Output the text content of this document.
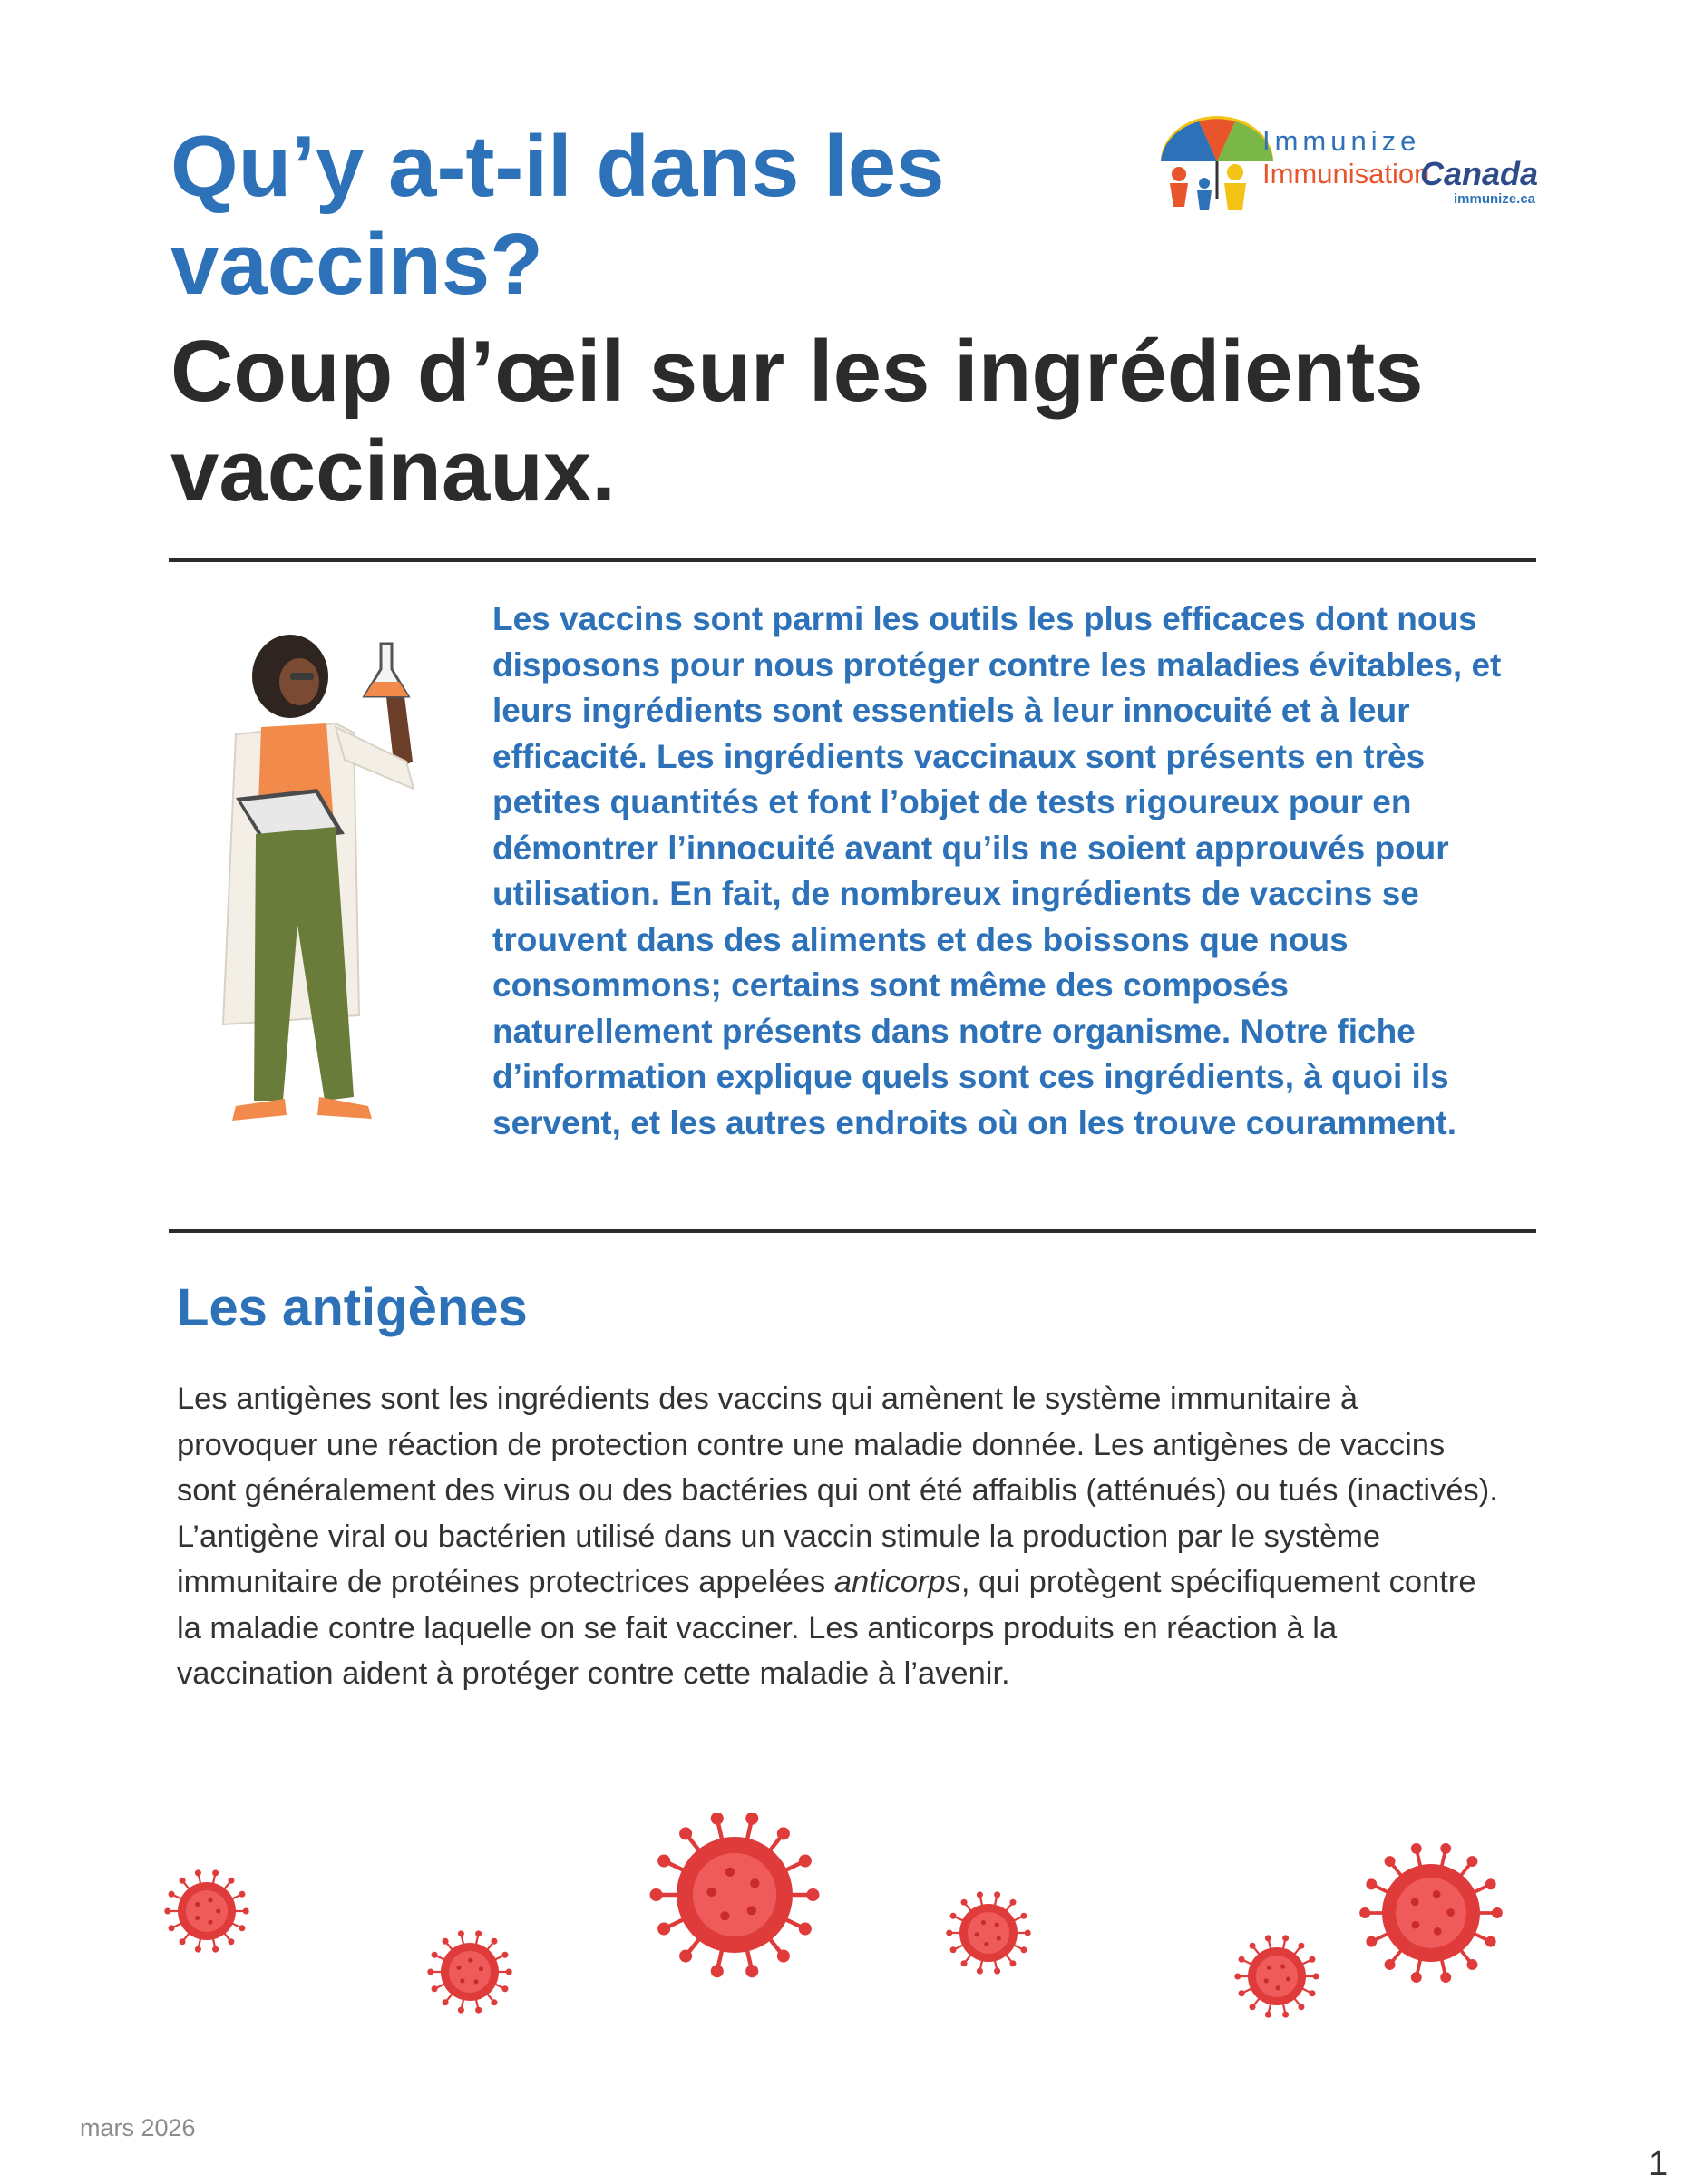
Qu’y a-t-il dans les vaccins?
Coup d’œil sur les ingrédients vaccinaux.
Immunize
Immunisation
Canada
immunize.ca

Les vaccins sont parmi les outils les plus efficaces dont nous disposons pour nous protéger contre les maladies évitables, et leurs ingrédients sont essentiels à leur innocuité et à leur efficacité. Les ingrédients vaccinaux sont présents en très petites quantités et font l’objet de tests rigoureux pour en démontrer l’innocuité avant qu’ils ne soient approuvés pour utilisation. En fait, de nombreux ingrédients de vaccins se trouvent dans des aliments et des boissons que nous consommons; certains sont même des composés naturellement présents dans notre organisme. Notre fiche d’information explique quels sont ces ingrédients, à quoi ils servent, et les autres endroits où on les trouve couramment.

Les antigènes

Les antigènes sont les ingrédients des vaccins qui amènent le système immunitaire à provoquer une réaction de protection contre une maladie donnée. Les antigènes de vaccins sont généralement des virus ou des bactéries qui ont été affaiblis (atténués) ou tués (inactivés). L’antigène viral ou bactérien utilisé dans un vaccin stimule la production par le système immunitaire de protéines protectrices appelées anticorps, qui protègent spécifiquement contre la maladie contre laquelle on se fait vacciner. Les anticorps produits en réaction à la vaccination aident à protéger contre cette maladie à l’avenir.

mars 2026
1
